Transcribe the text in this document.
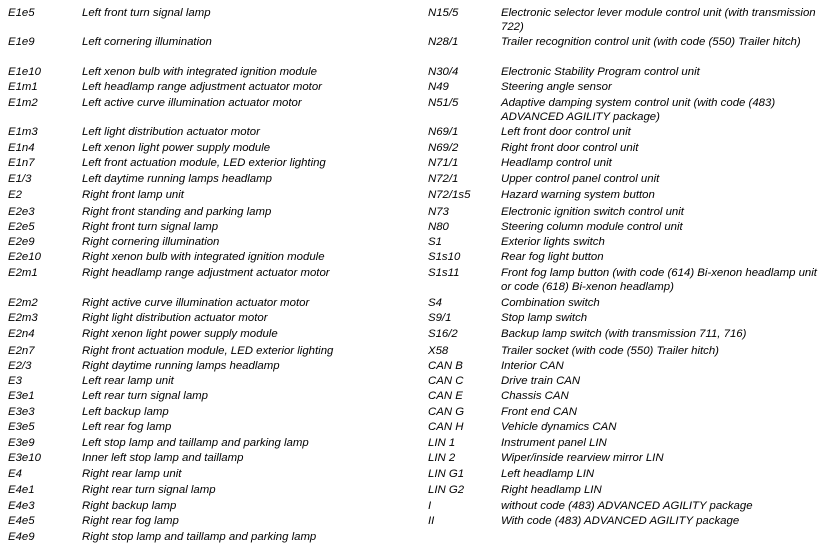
E1e5	Left front turn signal lamp
E1e9	Left cornering illumination
E1e10	Left xenon bulb with integrated ignition module
E1m1	Left headlamp range adjustment actuator motor
E1m2	Left active curve illumination actuator motor
E1m3	Left light distribution actuator motor
E1n4	Left xenon light power supply module
E1n7	Left front actuation module, LED exterior lighting
E1/3	Left daytime running lamps headlamp
E2	Right front lamp unit
E2e3	Right front standing and parking lamp
E2e5	Right front turn signal lamp
E2e9	Right cornering illumination
E2e10	Right xenon bulb with integrated ignition module
E2m1	Right headlamp range adjustment actuator motor
E2m2	Right active curve illumination actuator motor
E2m3	Right light distribution actuator motor
E2n4	Right xenon light power supply module
E2n7	Right front actuation module, LED exterior lighting
E2/3	Right daytime running lamps headlamp
E3	Left rear lamp unit
E3e1	Left rear turn signal lamp
E3e3	Left backup lamp
E3e5	Left rear fog lamp
E3e9	Left stop lamp and taillamp and parking lamp
E3e10	Inner left stop lamp and taillamp
E4	Right rear lamp unit
E4e1	Right rear turn signal lamp
E4e3	Right backup lamp
E4e5	Right rear fog lamp
E4e9	Right stop lamp and taillamp and parking lamp
N15/5	Electronic selector lever module control unit (with transmission 722)
N28/1	Trailer recognition control unit (with code (550) Trailer hitch)
N30/4	Electronic Stability Program control unit
N49	Steering angle sensor
N51/5	Adaptive damping system control unit (with code (483) ADVANCED AGILITY package)
N69/1	Left front door control unit
N69/2	Right front door control unit
N71/1	Headlamp control unit
N72/1	Upper control panel control unit
N72/1s5	Hazard warning system button
N73	Electronic ignition switch control unit
N80	Steering column module control unit
S1	Exterior lights switch
S1s10	Rear fog light button
S1s11	Front fog lamp button (with code (614) Bi-xenon headlamp unit or code (618) Bi-xenon headlamp)
S4	Combination switch
S9/1	Stop lamp switch
S16/2	Backup lamp switch (with transmission 711, 716)
X58	Trailer socket (with code (550) Trailer hitch)
CAN B	Interior CAN
CAN C	Drive train CAN
CAN E	Chassis CAN
CAN G	Front end CAN
CAN H	Vehicle dynamics CAN
LIN 1	Instrument panel LIN
LIN 2	Wiper/inside rearview mirror LIN
LIN G1	Left headlamp LIN
LIN G2	Right headlamp LIN
I	without code (483) ADVANCED AGILITY package
II	With code (483) ADVANCED AGILITY package
